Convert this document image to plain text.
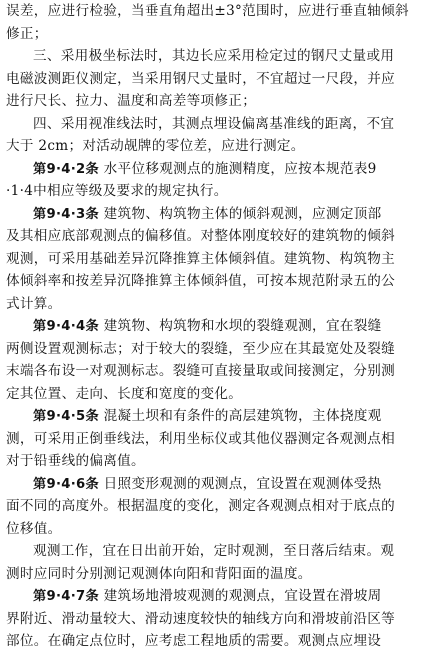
误差，应进行检验，当垂直角超出±3°范围时，应进行垂直轴倾斜
修正；
三、采用极坐标法时，其边长应采用检定过的钢尺丈量或用
电磁波测距仪测定，当采用钢尺丈量时，不宜超过一尺段，并应
进行尺长、拉力、温度和高差等项修正；
四、采用视准线法时，其测点埋设偏离基准线的距离，不宜
大于 2cm；对活动觇牌的零位差，应进行测定。
第9·4·2条 水平位移观测点的施测精度，应按本规范表9
·1·4中相应等级及要求的规定执行。
第9·4·3条 建筑物、构筑物主体的倾斜观测，应测定顶部
及其相应底部观测点的偏移值。对整体刚度较好的建筑物的倾斜
观测，可采用基础差异沉降推算主体倾斜值。建筑物、构筑物主
体倾斜率和按差异沉降推算主体倾斜值，可按本规范附录五的公
式计算。
第9·4·4条 建筑物、构筑物和水坝的裂缝观测，宜在裂缝
两侧设置观测标志；对于较大的裂缝，至少应在其最宽处及裂缝
末端各布设一对观测标志。裂缝可直接量取或间接测定，分别测
定其位置、走向、长度和宽度的变化。
第9·4·5条 混凝土坝和有条件的高层建筑物，主体挠度观
测，可采用正倒垂线法，利用坐标仪或其他仪器测定各观测点相
对于铅垂线的偏离值。
第9·4·6条 日照变形观测的观测点，宜设置在观测体受热
面不同的高度外。根据温度的变化，测定各观测点相对于底点的
位移值。
观测工作，宜在日出前开始，定时观测，至日落后结束。观
测时应同时分别测记观测体向阳和背阳面的温度。
第9·4·7条 建筑场地滑坡观测的观测点，宜设置在滑坡周
界附近、滑动量较大、滑动速度较快的轴线方向和滑坡前沿区等
部位。在确定点位时，应考虑工程地质的需要。观测点应埋设
